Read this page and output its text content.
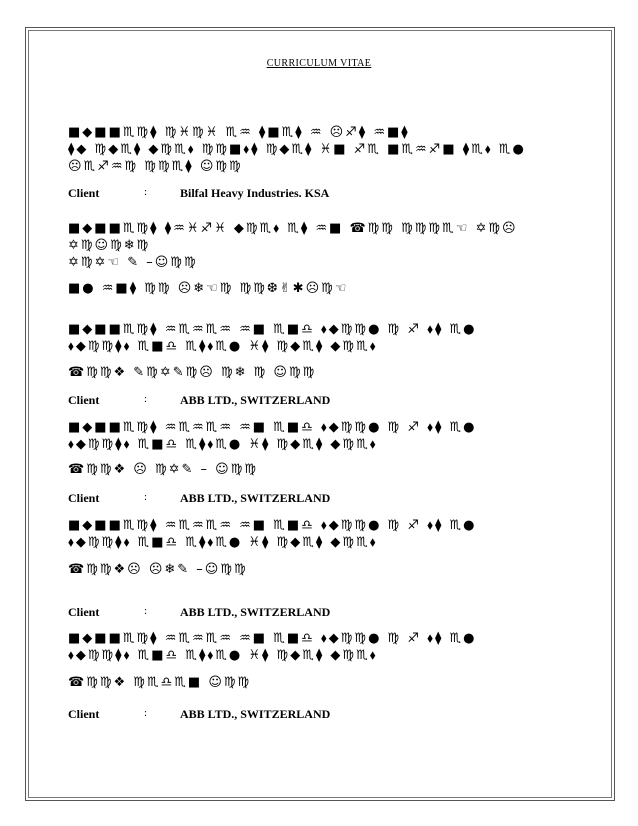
CURRICULUM VITAE
■◆■■♏♍⧫ ♍♓♍♓ ♏♒ ⧫■♏⧫ ♒ ☹♐⧫ ♒■⧫
⧫◆ ♍◆♏⧫ ◆♍♏⬧ ♍♍■⬧⧫ ♍◆♏⧫ ♓■ ♐♏ ■♏♒♐■ ⧫♏⬧ ♏●
☹♏♐♒♍ ♍♍♏⧫ ☺♍♍
Client	:	Bilfal Heavy Industries. KSA
■◆■■♏♍⧫ ⧫♒♓♐♓ ◆♍♏⬧ ♏⧫ ♒■ ☎♍♍ ♍♍♍♏☜ ✡♍☹
✡♍☺♍❄♍
✡♍✡☜ ✎ –☺♍♍
■● ♒■⧫ ♍♍ ☹❄☜♍ ♍♍❆✌✱☹♍☜
■◆■■♏♍⧫ ♒♏♒♏♒ ♒■ ♏■♎ ⬧◆♍♍● ♍ ♐ ⬧⧫ ♏●
⬧◆♍♍⧫⬧ ♏■♎ ♏⧫⬧♏● ♓⧫ ♍◆♏⧫ ◆♍♏⬧
☎♍♍❖ ✎♍✡✎♍☹ ♍❄ ♍ ☺♍♍
Client	:	ABB LTD., SWITZERLAND
■◆■■♏♍⧫ ♒♏♒♏♒ ♒■ ♏■♎ ⬧◆♍♍● ♍ ♐ ⬧⧫ ♏●
⬧◆♍♍⧫⬧ ♏■♎ ♏⧫⬧♏● ♓⧫ ♍◆♏⧫ ◆♍♏⬧
☎♍♍❖ ☹ ♍✡✎ – ☺♍♍
Client	:	ABB LTD., SWITZERLAND
■◆■■♏♍⧫ ♒♏♒♏♒ ♒■ ♏■♎ ⬧◆♍♍● ♍ ♐ ⬧⧫ ♏●
⬧◆♍♍⧫⬧ ♏■♎ ♏⧫⬧♏● ♓⧫ ♍◆♏⧫ ◆♍♏⬧
☎♍♍❖☹ ☹❄✎ –☺♍♍
Client	:	ABB LTD., SWITZERLAND
■◆■■♏♍⧫ ♒♏♒♏♒ ♒■ ♏■♎ ⬧◆♍♍● ♍ ♐ ⬧⧫ ♏●
⬧◆♍♍⧫⬧ ♏■♎ ♏⧫⬧♏● ♓⧫ ♍◆♏⧫ ◆♍♏⬧
☎♍♍❖ ♍♏♎♏■ ☺♍♍
Client	:	ABB LTD., SWITZERLAND
